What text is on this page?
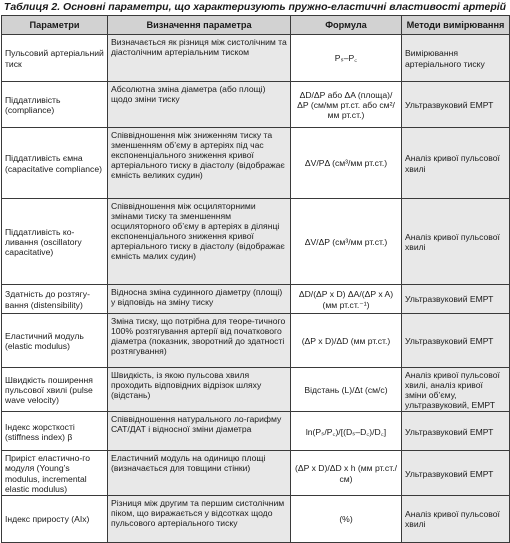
Таблиця 2. Основні параметри, що характеризують пружно-еластичні властивості артерій
Параметри	Визначення параметра	Формула	Методи вимірювання
Пульсовий артеріальний тиск	Визначається як різниця між систолічним та діастолічним артеріальним тиском	Pₛ–P꜀	Вимірювання артеріального тиску
Піддатливість (compliance)	Абсолютна зміна діаметра (або площі) щодо зміни тиску	ΔD/ΔP або ΔA (площа)/ΔP (см/мм рт.ст. або см²/мм рт.ст.)	Ультразвуковий ЕМРТ
Піддатливість ємна (capacitative compliance)	Співвідношення між зниженням тиску та зменшенням об’єму в артеріях під час експоненціального зниження кривої артеріального тиску в діастолу (відображає ємність великих судин)	ΔV/PΔ (см³/мм рт.ст.)	Аналіз кривої пульсової хвилі
Піддатливість ко-ливання (oscillatory capacitative)	Співвідношення між осциляторними змінами тиску та зменшенням осциляторного об’єму в артеріях в ділянці експоненціального зниження кривої артеріального тиску в діастолу (відображає ємність малих судин)	ΔV/ΔP (см³/мм рт.ст.)	Аналіз кривої пульсової хвилі
Здатність до розтягу-вання (distensibility)	Відносна зміна судинного діаметру (площі) у відповідь на зміну тиску	ΔD/(ΔP x D) ΔA/(ΔP x A)(мм рт.ст.⁻¹)	Ультразвуковий ЕМРТ
Еластичний модуль (elastic modulus)	Зміна тиску, що потрібна для теоре-тичного 100% розтягування артерії від початкового діаметра (показник, зворотний до здатності розтягування)	(ΔP x D)/ΔD (мм рт.ст.)	Ультразвуковий ЕМРТ
Швидкість поширення пульсової хвилі (pulse wave velocity)	Швидкість, із якою пульсова хвиля проходить відповідних відрізок шляху (відстань)	Відстань (L)/Δt (см/с)	Аналіз кривої пульсової хвилі, аналіз кривої зміни об’єму, ультразвуковий, ЕМРТ
Індекс жорсткості (stiffness index) β	Співвідношення натурального ло-гарифму САТ/ДАТ і відносної зміни діаметра	ln(Pₛ/P꜀)/[(Dₛ–D꜀)/D꜀]	Ультразвуковий ЕМРТ
Приріст еластично-го модуля (Young’s modulus, incremental elastic modulus)	Еластичний модуль на одиницю площі (визначається для товщини стінки)	(ΔP x D)/ΔD x h (мм рт.ст./см)	Ультразвуковий ЕМРТ
Індекс приросту (AIx)	Різниця між другим та першим систолічним піком, що виражається у відсотках щодо пульсового артеріального тиску	(%)	Аналіз кривої пульсової хвилі
